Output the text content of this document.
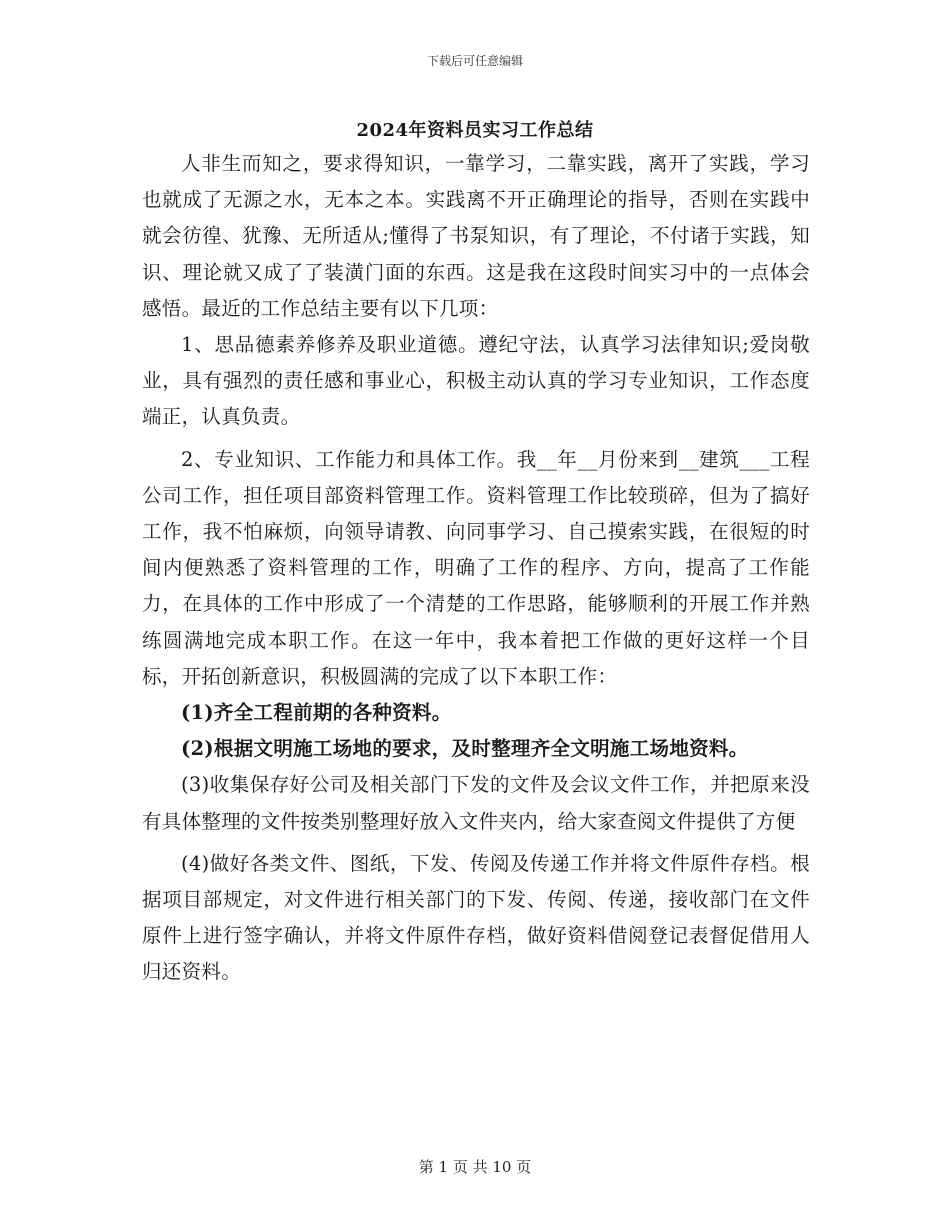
下载后可任意编辑
2024年资料员实习工作总结

人非生而知之，要求得知识，一靠学习，二靠实践，离开了实践，学习也就成了无源之水，无本之本。实践离不开正确理论的指导，否则在实践中就会彷徨、犹豫、无所适从;懂得了书泵知识，有了理论，不付诸于实践，知识、理论就又成了了装潢门面的东西。这是我在这段时间实习中的一点体会感悟。最近的工作总结主要有以下几项：

1、思品德素养修养及职业道德。遵纪守法，认真学习法律知识;爱岗敬业，具有强烈的责任感和事业心，积极主动认真的学习专业知识，工作态度端正，认真负责。

2、专业知识、工作能力和具体工作。我__年__月份来到__建筑___工程公司工作，担任项目部资料管理工作。资料管理工作比较琐碎，但为了搞好工作，我不怕麻烦，向领导请教、向同事学习、自己摸索实践，在很短的时间内便熟悉了资料管理的工作，明确了工作的程序、方向，提高了工作能力，在具体的工作中形成了一个清楚的工作思路，能够顺利的开展工作并熟练圆满地完成本职工作。在这一年中，我本着把工作做的更好这样一个目标，开拓创新意识，积极圆满的完成了以下本职工作：

(1)齐全工程前期的各种资料。

(2)根据文明施工场地的要求，及时整理齐全文明施工场地资料。

(3)收集保存好公司及相关部门下发的文件及会议文件工作，并把原来没有具体整理的文件按类别整理好放入文件夹内，给大家查阅文件提供了方便

(4)做好各类文件、图纸，下发、传阅及传递工作并将文件原件存档。根据项目部规定，对文件进行相关部门的下发、传阅、传递，接收部门在文件原件上进行签字确认，并将文件原件存档，做好资料借阅登记表督促借用人归还资料。

第 1 页 共 10 页
